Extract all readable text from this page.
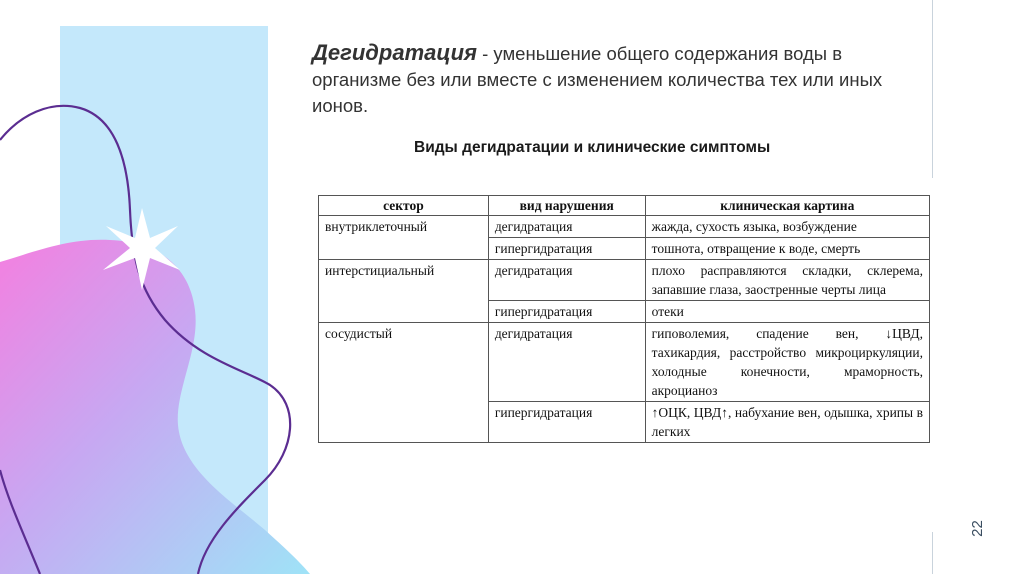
Дегидратация - уменьшение общего содержания воды в организме без или вместе с изменением количества тех или иных ионов.
Виды дегидратации и клинические симптомы
сектор	вид нарушения	клиническая картина
внутриклеточный	дегидратация	жажда, сухость языка, возбуждение
	гипергидратация	тошнота, отвращение к воде, смерть
интерстициальный	дегидратация	плохо расправляются складки, склерема, запавшие глаза, заостренные черты лица
	гипергидратация	отеки
сосудистый	дегидратация	гиповолемия, спадение вен, ↓ЦВД, тахикардия, расстройство микроциркуляции, холодные конечности, мраморность, акроцианоз
	гипергидратация	↑ОЦК, ЦВД↑, набухание вен, одышка, хрипы в легких
22
